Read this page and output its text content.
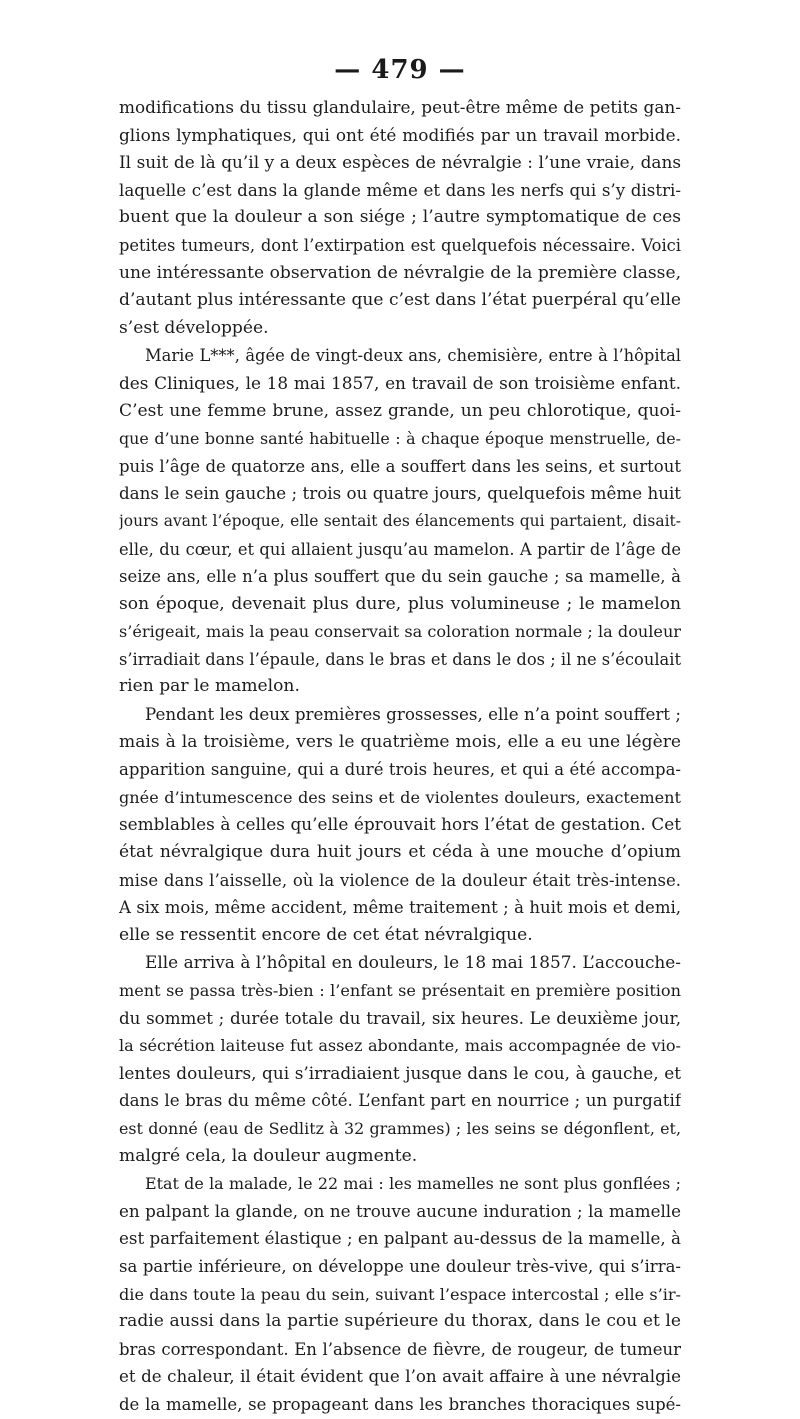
— 479 —
modifications du tissu glandulaire, peut-être même de petits gan-
glions lymphatiques, qui ont été modifiés par un travail morbide.
Il suit de là qu’il y a deux espèces de névralgie : l’une vraie, dans
laquelle c’est dans la glande même et dans les nerfs qui s’y distri-
buent que la douleur a son siége ; l’autre symptomatique de ces
petites tumeurs, dont l’extirpation est quelquefois nécessaire. Voici
une intéressante observation de névralgie de la première classe,
d’autant plus intéressante que c’est dans l’état puerpéral qu’elle
s’est développée.
Marie L***, âgée de vingt-deux ans, chemisière, entre à l’hôpital
des Cliniques, le 18 mai 1857, en travail de son troisième enfant.
C’est une femme brune, assez grande, un peu chlorotique, quoi-
que d’une bonne santé habituelle : à chaque époque menstruelle, de-
puis l’âge de quatorze ans, elle a souffert dans les seins, et surtout
dans le sein gauche ; trois ou quatre jours, quelquefois même huit
jours avant l’époque, elle sentait des élancements qui partaient, disait-
elle, du cœur, et qui allaient jusqu’au mamelon. A partir de l’âge de
seize ans, elle n’a plus souffert que du sein gauche ; sa mamelle, à
son époque, devenait plus dure, plus volumineuse ; le mamelon
s’érigeait, mais la peau conservait sa coloration normale ; la douleur
s’irradiait dans l’épaule, dans le bras et dans le dos ; il ne s’écoulait
rien par le mamelon.
Pendant les deux premières grossesses, elle n’a point souffert ;
mais à la troisième, vers le quatrième mois, elle a eu une légère
apparition sanguine, qui a duré trois heures, et qui a été accompa-
gnée d’intumescence des seins et de violentes douleurs, exactement
semblables à celles qu’elle éprouvait hors l’état de gestation. Cet
état névralgique dura huit jours et céda à une mouche d’opium
mise dans l’aisselle, où la violence de la douleur était très-intense.
A six mois, même accident, même traitement ; à huit mois et demi,
elle se ressentit encore de cet état névralgique.
Elle arriva à l’hôpital en douleurs, le 18 mai 1857. L’accouche-
ment se passa très-bien : l’enfant se présentait en première position
du sommet ; durée totale du travail, six heures. Le deuxième jour,
la sécrétion laiteuse fut assez abondante, mais accompagnée de vio-
lentes douleurs, qui s’irradiaient jusque dans le cou, à gauche, et
dans le bras du même côté. L’enfant part en nourrice ; un purgatif
est donné (eau de Sedlitz à 32 grammes) ; les seins se dégonflent, et,
malgré cela, la douleur augmente.
Etat de la malade, le 22 mai : les mamelles ne sont plus gonflées ;
en palpant la glande, on ne trouve aucune induration ; la mamelle
est parfaitement élastique ; en palpant au-dessus de la mamelle, à
sa partie inférieure, on développe une douleur très-vive, qui s’irra-
die dans toute la peau du sein, suivant l’espace intercostal ; elle s’ir-
radie aussi dans la partie supérieure du thorax, dans le cou et le
bras correspondant. En l’absence de fièvre, de rougeur, de tumeur
et de chaleur, il était évident que l’on avait affaire à une névralgie
de la mamelle, se propageant dans les branches thoraciques supé-
